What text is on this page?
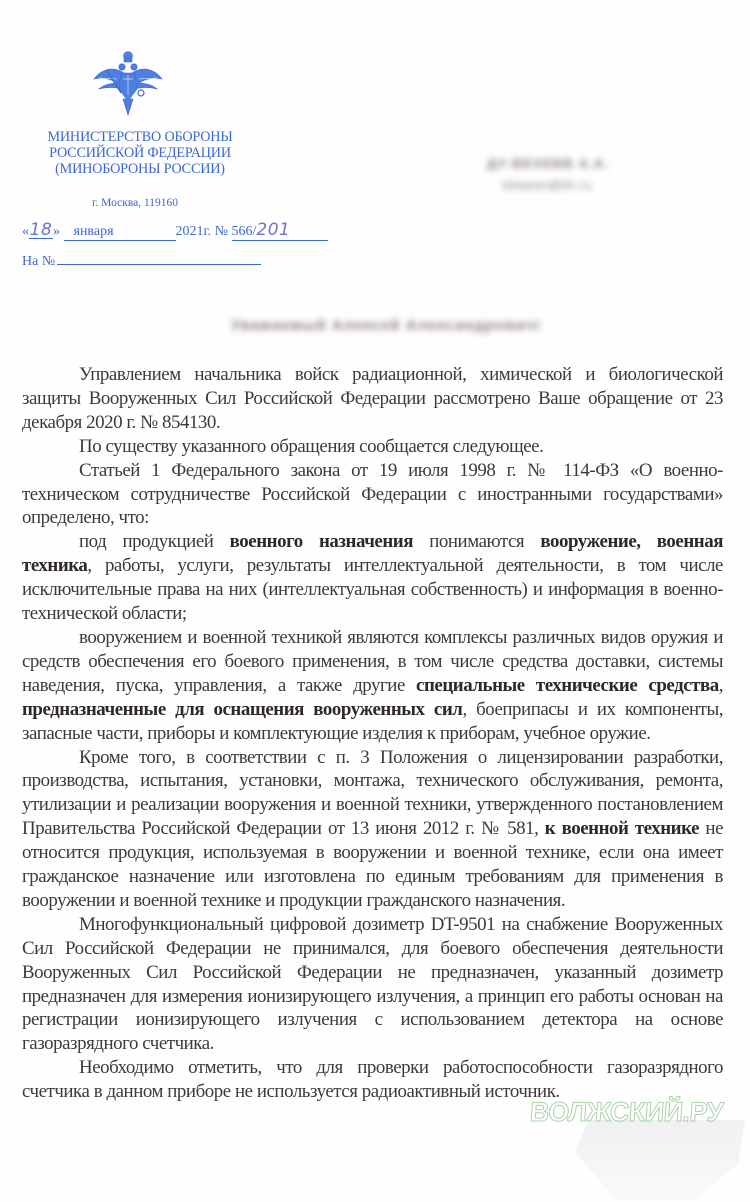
МИНИСТЕРСТВО ОБОРОНЫ
РОССИЙСКОЙ ФЕДЕРАЦИИ
(МИНОБОРОНЫ РОССИИ)
г. Москва, 119160
«18» января	2021г. № 566/201
На №
ДУ-ВЕХЕВВ А.А.
ddwpav@bk.ru
Уважаемый Алексей Александрович!

Управлением начальника войск радиационной, химической и биологической защиты Вооруженных Сил Российской Федерации рассмотрено Ваше обращение от 23 декабря 2020 г. № 854130.

По существу указанного обращения сообщается следующее.

Статьей 1 Федерального закона от 19 июля 1998 г. № 114-ФЗ «О военно-техническом сотрудничестве Российской Федерации с иностранными государствами» определено, что:

под продукцией военного назначения понимаются вооружение, военная техника, работы, услуги, результаты интеллектуальной деятельности, в том числе исключительные права на них (интеллектуальная собственность) и информация в военно-технической области;

вооружением и военной техникой являются комплексы различных видов оружия и средств обеспечения его боевого применения, в том числе средства доставки, системы наведения, пуска, управления, а также другие специальные технические средства, предназначенные для оснащения вооруженных сил, боеприпасы и их компоненты, запасные части, приборы и комплектующие изделия к приборам, учебное оружие.

Кроме того, в соответствии с п. 3 Положения о лицензировании разработки, производства, испытания, установки, монтажа, технического обслуживания, ремонта, утилизации и реализации вооружения и военной техники, утвержденного постановлением Правительства Российской Федерации от 13 июня 2012 г. № 581, к военной технике не относится продукция, используемая в вооружении и военной технике, если она имеет гражданское назначение или изготовлена по единым требованиям для применения в вооружении и военной технике и продукции гражданского назначения.

Многофункциональный цифровой дозиметр DT-9501 на снабжение Вооруженных Сил Российской Федерации не принимался, для боевого обеспечения деятельности Вооруженных Сил Российской Федерации не предназначен, указанный дозиметр предназначен для измерения ионизирующего излучения, а принцип его работы основан на регистрации ионизирующего излучения с использованием детектора на основе газоразрядного счетчика.

Необходимо отметить, что для проверки работоспособности газоразрядного счетчика в данном приборе не используется радиоактивный источник.

ВОЛЖСКИЙ.РУ
